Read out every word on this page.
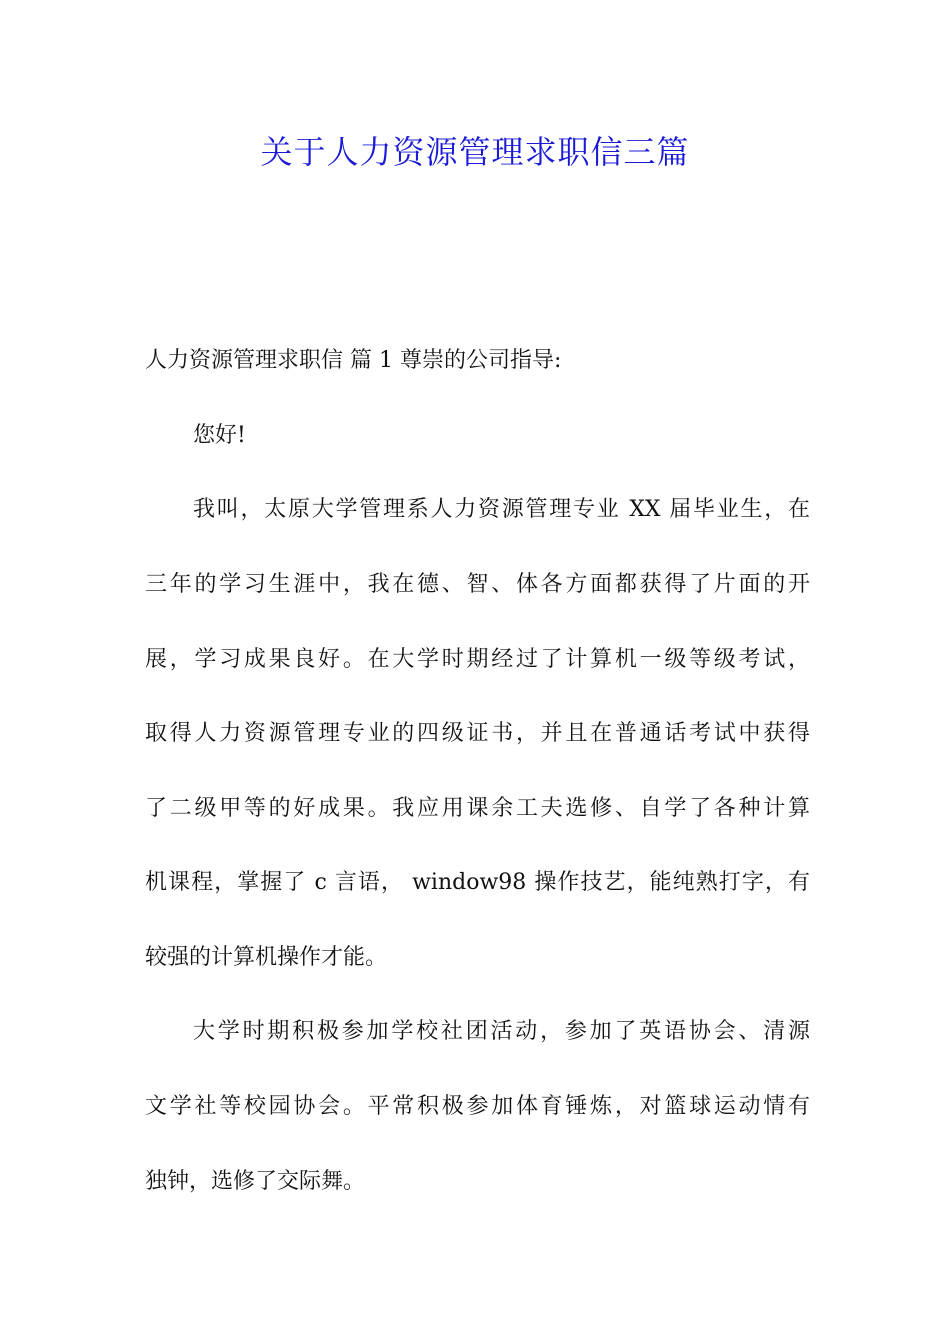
关于人力资源管理求职信三篇

人力资源管理求职信 篇 1 尊崇的公司指导:

您好!

我叫，太原大学管理系人力资源管理专业 XX 届毕业生，在

三年的学习生涯中，我在德、智、体各方面都获得了片面的开

展，学习成果良好。在大学时期经过了计算机一级等级考试，

取得人力资源管理专业的四级证书，并且在普通话考试中获得

了二级甲等的好成果。我应用课余工夫选修、自学了各种计算

机课程，掌握了 c 言语， window98 操作技艺，能纯熟打字，有

较强的计算机操作才能。

大学时期积极参加学校社团活动，参加了英语协会、清源

文学社等校园协会。平常积极参加体育锤炼，对篮球运动情有

独钟，选修了交际舞。
